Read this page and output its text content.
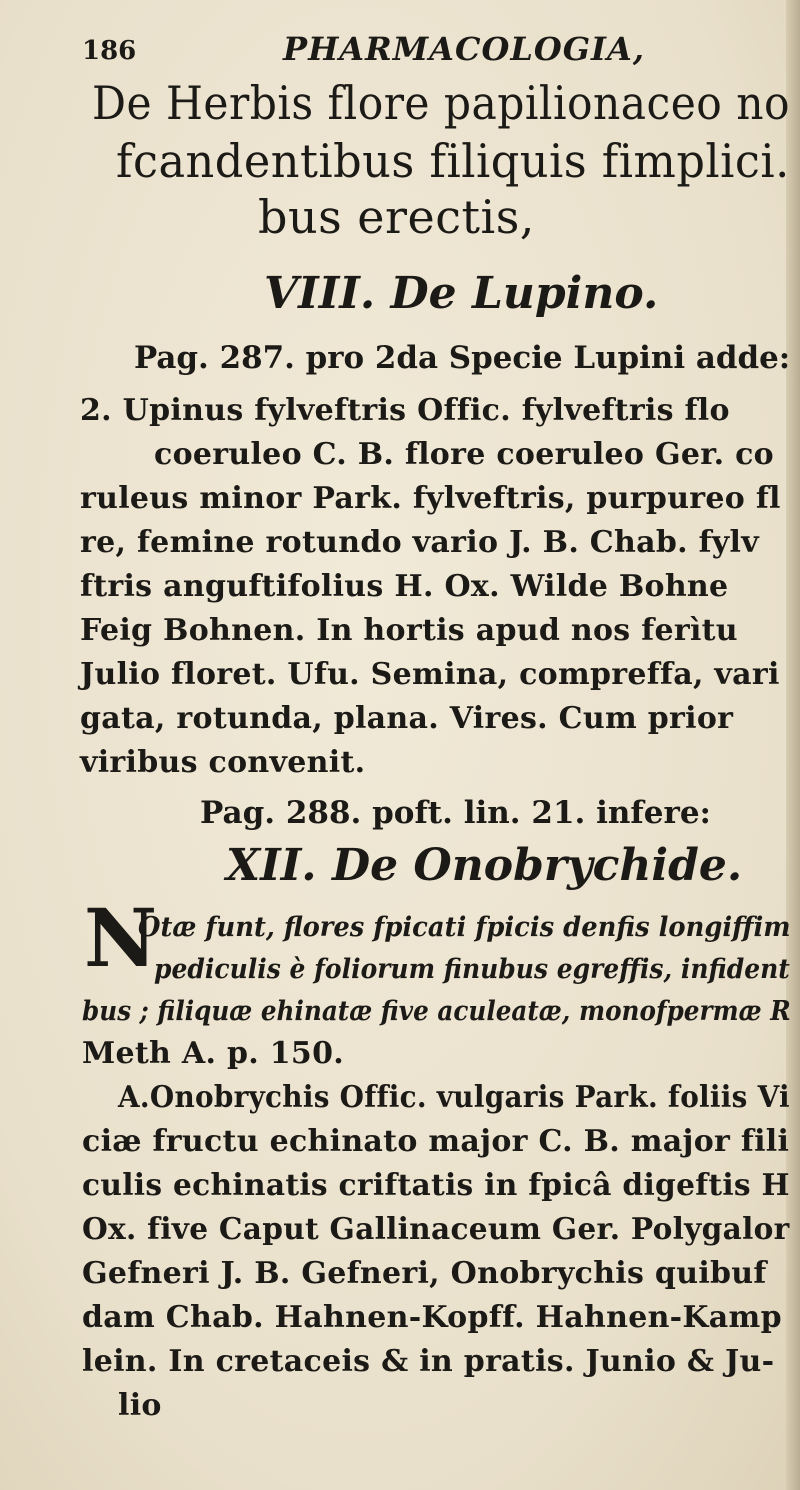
186	PHARMACOLOGIA,
De Herbis flore papilionaceo no
fcandentibus filiquis fimplici.
bus erectis,
VIII. De Lupino.
Pag. 287. pro 2da Specie Lupini adde:
2. Upinus fylveftris Offic. fylveftris flo
coeruleo C. B. flore coeruleo Ger. co
ruleus minor Park. fylveftris, purpureo fl
re, femine rotundo vario J. B. Chab. fylv
ftris anguftifolius H. Ox. Wilde Bohne
Feig Bohnen. In hortis apud nos ferìtu
Julio floret. Ufu. Semina, compreffa, vari
gata, rotunda, plana. Vires. Cum prior
viribus convenit.
Pag. 288. poft. lin. 21. infere:
XII. De Onobrychide.
N
Otæ funt, flores fpicati fpicis denfis longiffim
pediculis è foliorum finubus egreffis, infident
bus ; filiquæ ehinatæ five aculeatæ, monofpermæ R
Meth A. p. 150.
A.Onobrychis Offic. vulgaris Park. foliis Vi
ciæ fructu echinato major C. B. major fili
culis echinatis criftatis in fpicâ digeftis H
Ox. five Caput Gallinaceum Ger. Polygalor
Gefneri J. B. Gefneri, Onobrychis quibuf
dam Chab. Hahnen-Kopff. Hahnen-Kamp
lein. In cretaceis & in pratis. Junio & Ju-
lio
